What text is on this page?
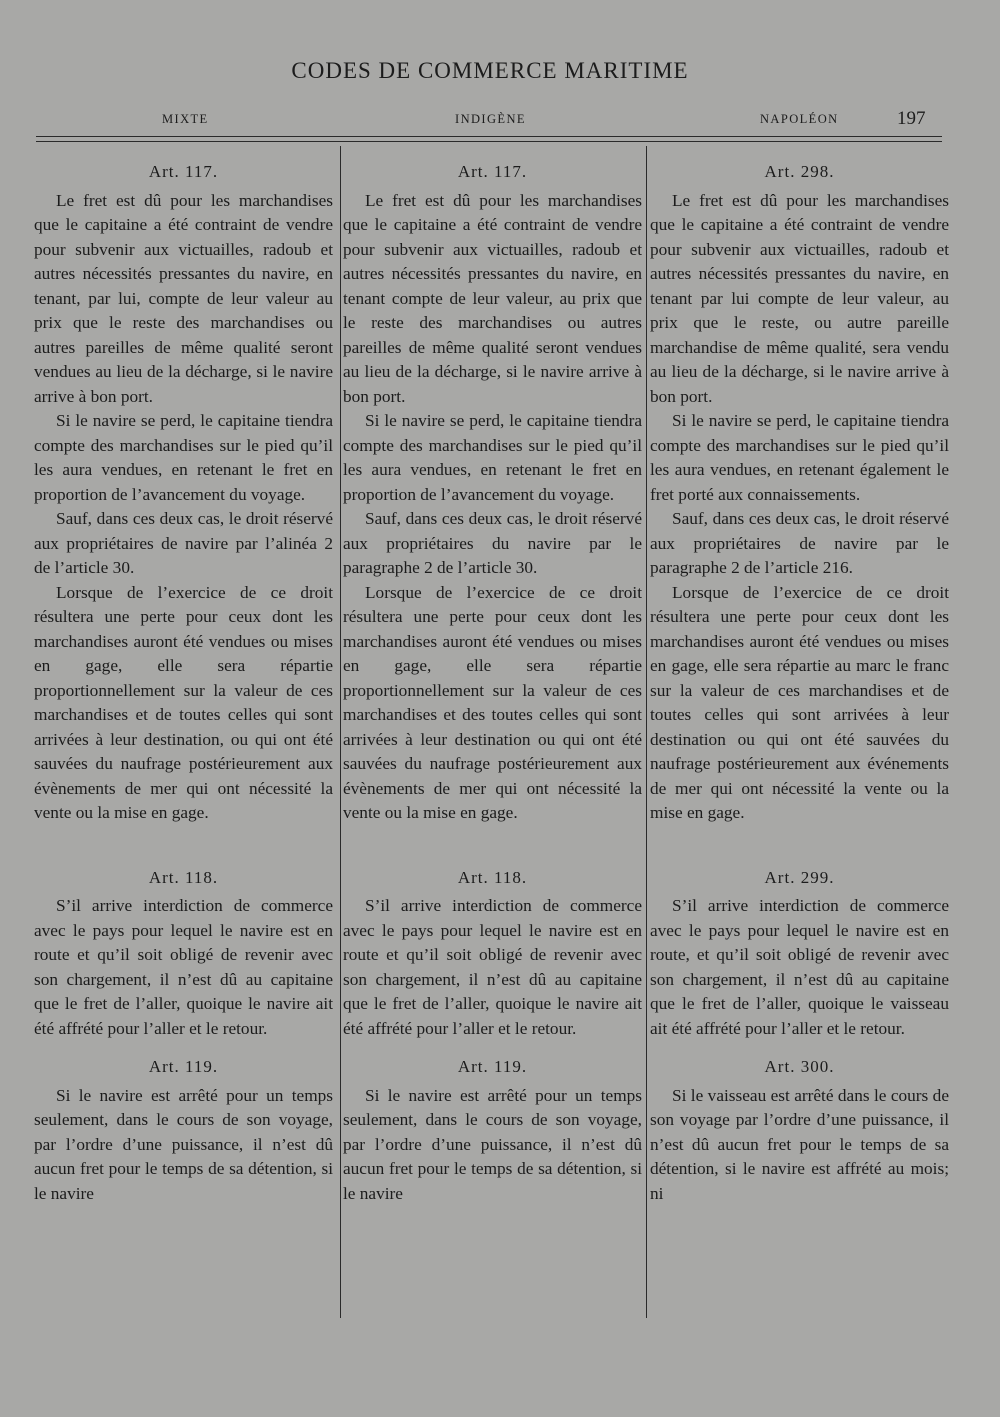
CODES DE COMMERCE MARITIME
MIXTE	INDIGÈNE	NAPOLÉON	197
Art. 117.

Le fret est dû pour les marchandises que le capitaine a été contraint de vendre pour subvenir aux victuailles, radoub et autres nécessités pressantes du navire, en tenant, par lui, compte de leur valeur au prix que le reste des marchandises ou autres pareilles de même qualité seront vendues au lieu de la décharge, si le navire arrive à bon port.

Si le navire se perd, le capitaine tiendra compte des marchandises sur le pied qu’il les aura vendues, en retenant le fret en proportion de l’avancement du voyage.

Sauf, dans ces deux cas, le droit réservé aux propriétaires de navire par l’alinéa 2 de l’article 30.

Lorsque de l’exercice de ce droit résultera une perte pour ceux dont les marchandises auront été vendues ou mises en gage, elle sera répartie proportionnellement sur la valeur de ces marchandises et de toutes celles qui sont arrivées à leur destination, ou qui ont été sauvées du naufrage postérieurement aux évènements de mer qui ont nécessité la vente ou la mise en gage.

Art. 118.

S’il arrive interdiction de commerce avec le pays pour lequel le navire est en route et qu’il soit obligé de revenir avec son chargement, il n’est dû au capitaine que le fret de l’aller, quoique le navire ait été affrété pour l’aller et le retour.

Art. 119.

Si le navire est arrêté pour un temps seulement, dans le cours de son voyage, par l’ordre d’une puissance, il n’est dû aucun fret pour le temps de sa détention, si le navire

Art. 117.

Le fret est dû pour les marchandises que le capitaine a été contraint de vendre pour subvenir aux victuailles, radoub et autres nécessités pressantes du navire, en tenant compte de leur valeur, au prix que le reste des marchandises ou autres pareilles de même qualité seront vendues au lieu de la décharge, si le navire arrive à bon port.

Si le navire se perd, le capitaine tiendra compte des marchandises sur le pied qu’il les aura vendues, en retenant le fret en proportion de l’avancement du voyage.

Sauf, dans ces deux cas, le droit réservé aux propriétaires du navire par le paragraphe 2 de l’article 30.

Lorsque de l’exercice de ce droit résultera une perte pour ceux dont les marchandises auront été vendues ou mises en gage, elle sera répartie proportionnellement sur la valeur de ces marchandises et des toutes celles qui sont arrivées à leur destination ou qui ont été sauvées du naufrage postérieurement aux évènements de mer qui ont nécessité la vente ou la mise en gage.

Art. 118.

S’il arrive interdiction de commerce avec le pays pour lequel le navire est en route et qu’il soit obligé de revenir avec son chargement, il n’est dû au capitaine que le fret de l’aller, quoique le navire ait été affrété pour l’aller et le retour.

Art. 119.

Si le navire est arrêté pour un temps seulement, dans le cours de son voyage, par l’ordre d’une puissance, il n’est dû aucun fret pour le temps de sa détention, si le navire

Art. 298.

Le fret est dû pour les marchandises que le capitaine a été contraint de vendre pour subvenir aux victuailles, radoub et autres nécessités pressantes du navire, en tenant par lui compte de leur valeur, au prix que le reste, ou autre pareille marchandise de même qualité, sera vendu au lieu de la décharge, si le navire arrive à bon port.

Si le navire se perd, le capitaine tiendra compte des marchandises sur le pied qu’il les aura vendues, en retenant également le fret porté aux connaissements.

Sauf, dans ces deux cas, le droit réservé aux propriétaires de navire par le paragraphe 2 de l’article 216.

Lorsque de l’exercice de ce droit résultera une perte pour ceux dont les marchandises auront été vendues ou mises en gage, elle sera répartie au marc le franc sur la valeur de ces marchandises et de toutes celles qui sont arrivées à leur destination ou qui ont été sauvées du naufrage postérieurement aux événements de mer qui ont nécessité la vente ou la mise en gage.

Art. 299.

S’il arrive interdiction de commerce avec le pays pour lequel le navire est en route, et qu’il soit obligé de revenir avec son chargement, il n’est dû au capitaine que le fret de l’aller, quoique le vaisseau ait été affrété pour l’aller et le retour.

Art. 300.

Si le vaisseau est arrêté dans le cours de son voyage par l’ordre d’une puissance, il n’est dû aucun fret pour le temps de sa détention, si le navire est affrété au mois; ni
